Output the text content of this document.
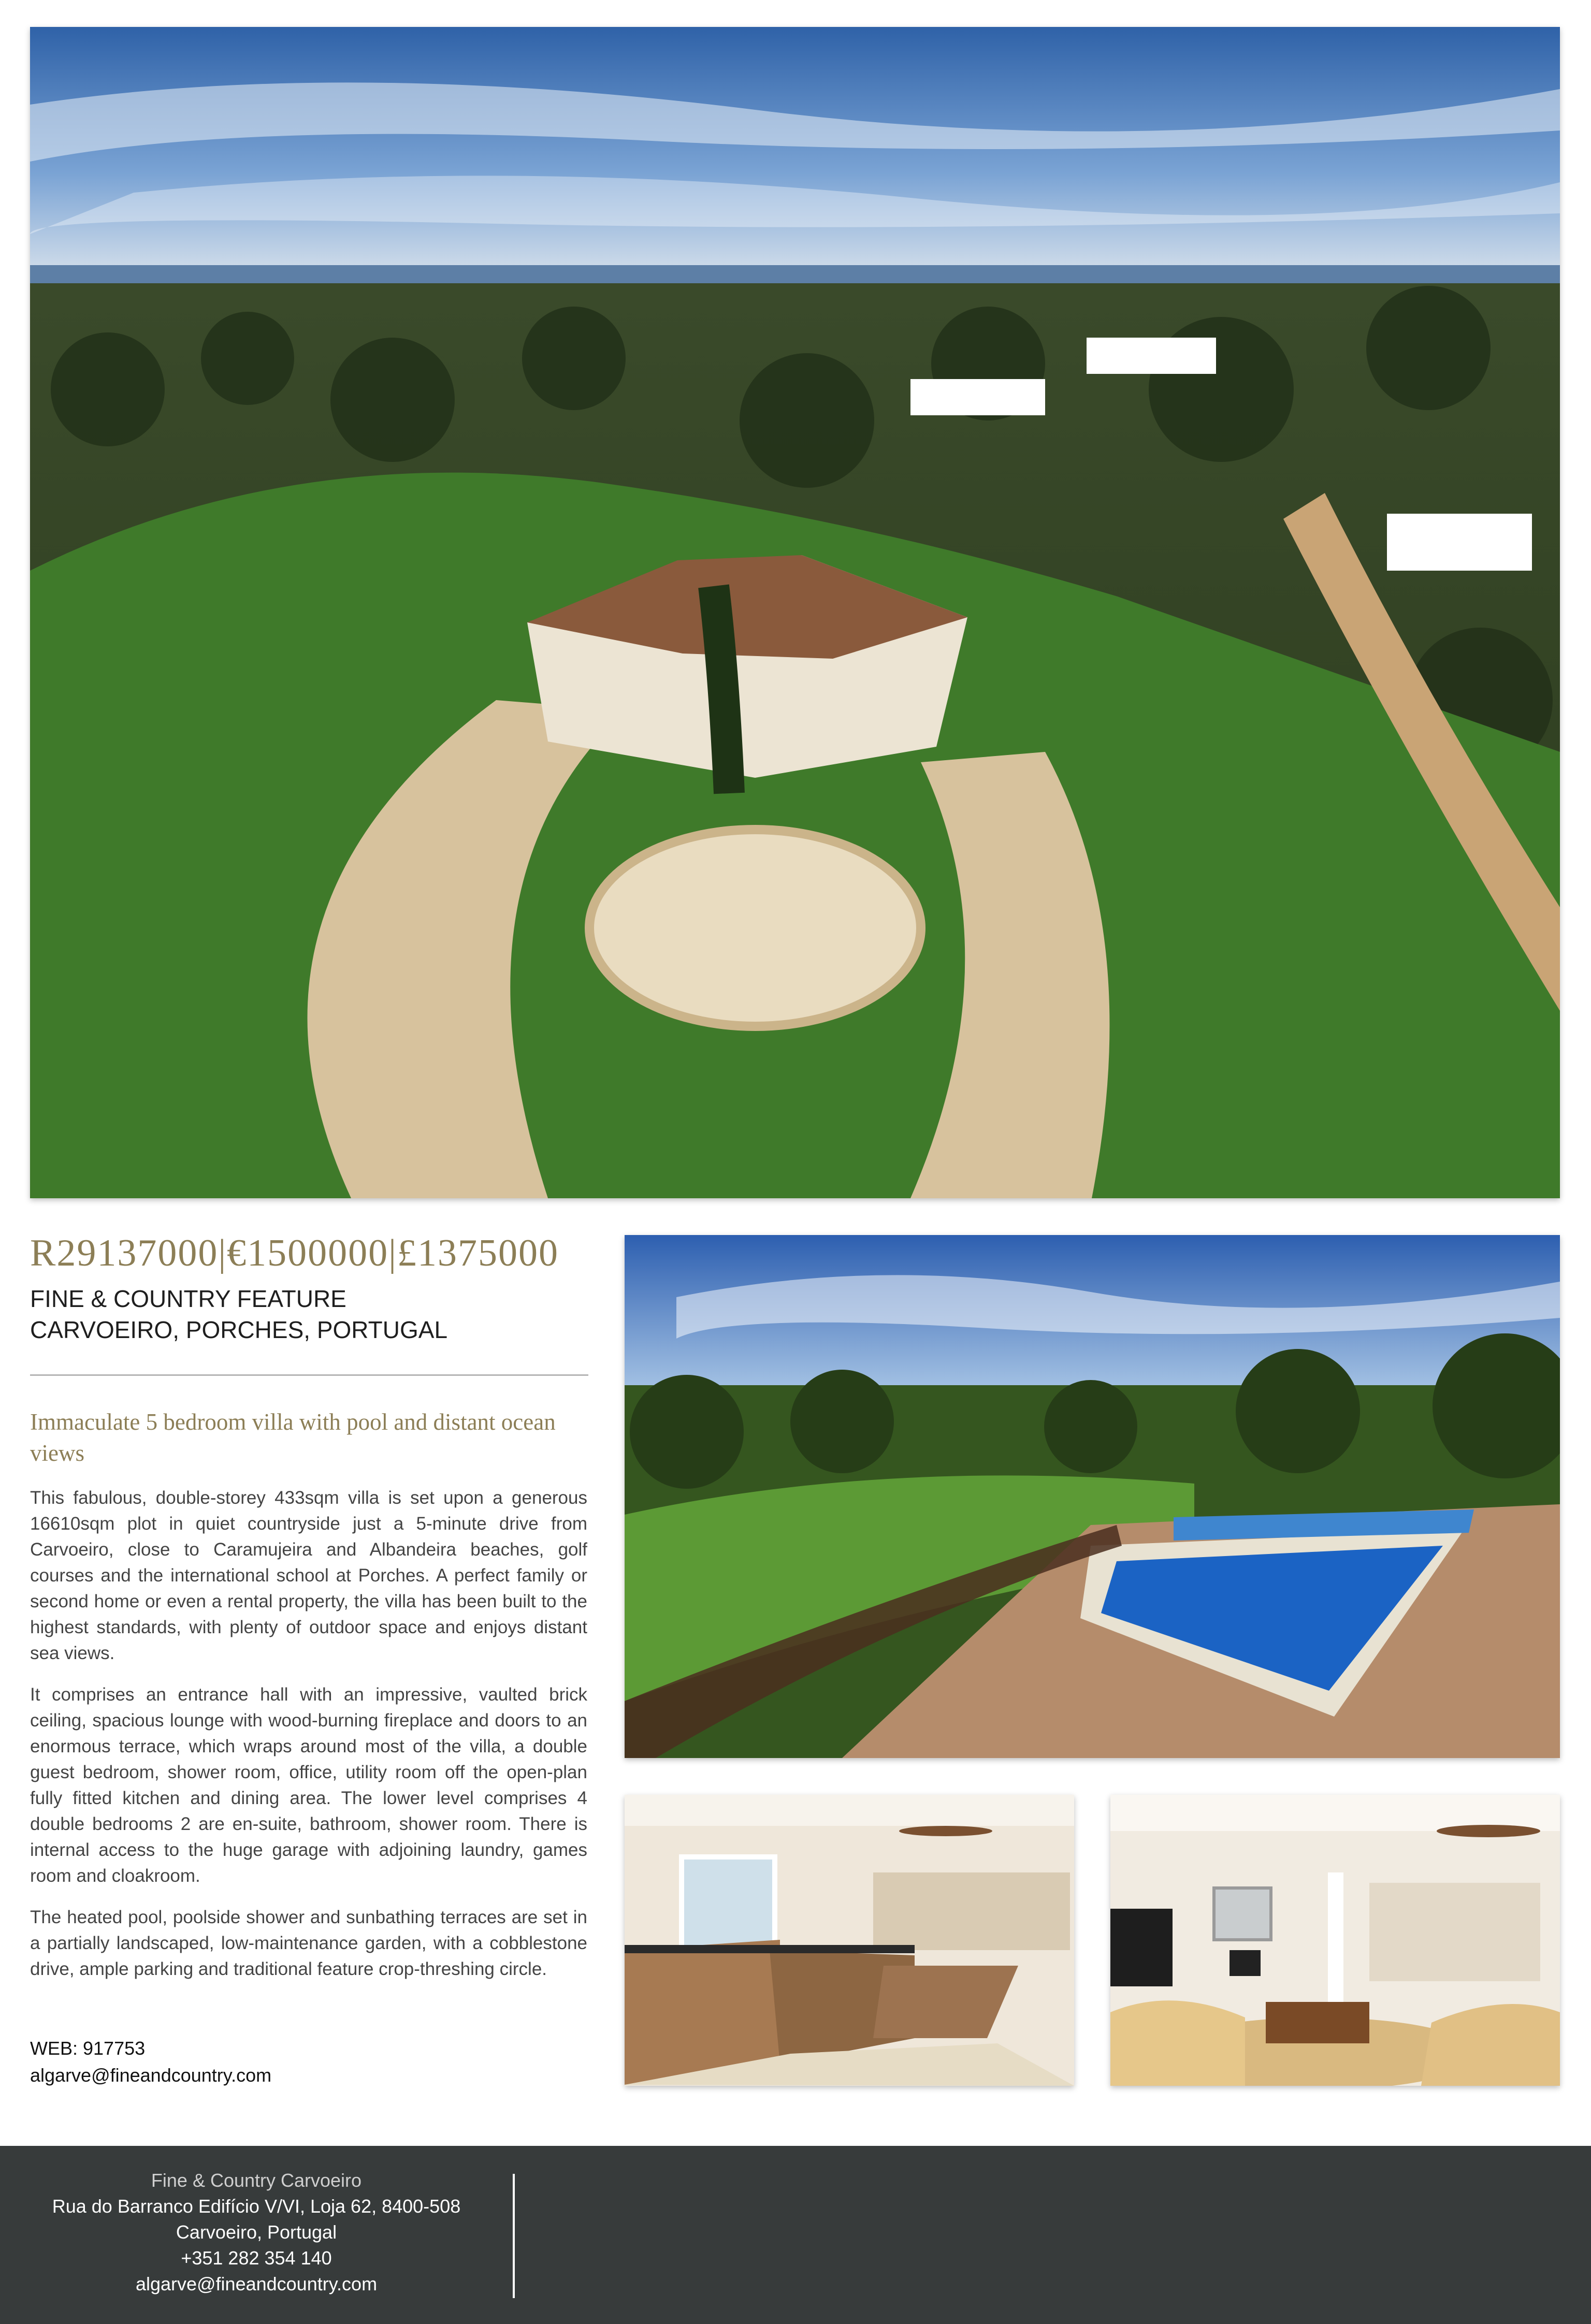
R29137000|€1500000|£1375000
FINE & COUNTRY FEATURE
CARVOEIRO, PORCHES, PORTUGAL
Immaculate 5 bedroom villa with pool and distant ocean views

This fabulous, double-storey 433sqm villa is set upon a generous 16610sqm plot in quiet countryside just a 5-minute drive from Carvoeiro, close to Caramujeira and Albandeira beaches, golf courses and the international school at Porches. A perfect family or second home or even a rental property, the villa has been built to the highest standards, with plenty of outdoor space and enjoys distant sea views.

It comprises an entrance hall with an impressive, vaulted brick ceiling, spacious lounge with wood-burning fireplace and doors to an enormous terrace, which wraps around most of the villa, a double guest bedroom, shower room, office, utility room off the open-plan fully fitted kitchen and dining area. The lower level comprises 4 double bedrooms 2 are en-suite, bathroom, shower room. There is internal access to the huge garage with adjoining laundry, games room and cloakroom.

The heated pool, poolside shower and sunbathing terraces are set in a partially landscaped, low-maintenance garden, with a cobblestone drive, ample parking and traditional feature crop-threshing circle.

WEB: 917753
algarve@fineandcountry.com
Fine & Country Carvoeiro
Rua do Barranco Edifício V/VI, Loja 62, 8400-508
Carvoeiro, Portugal
+351 282 354 140
algarve@fineandcountry.com
